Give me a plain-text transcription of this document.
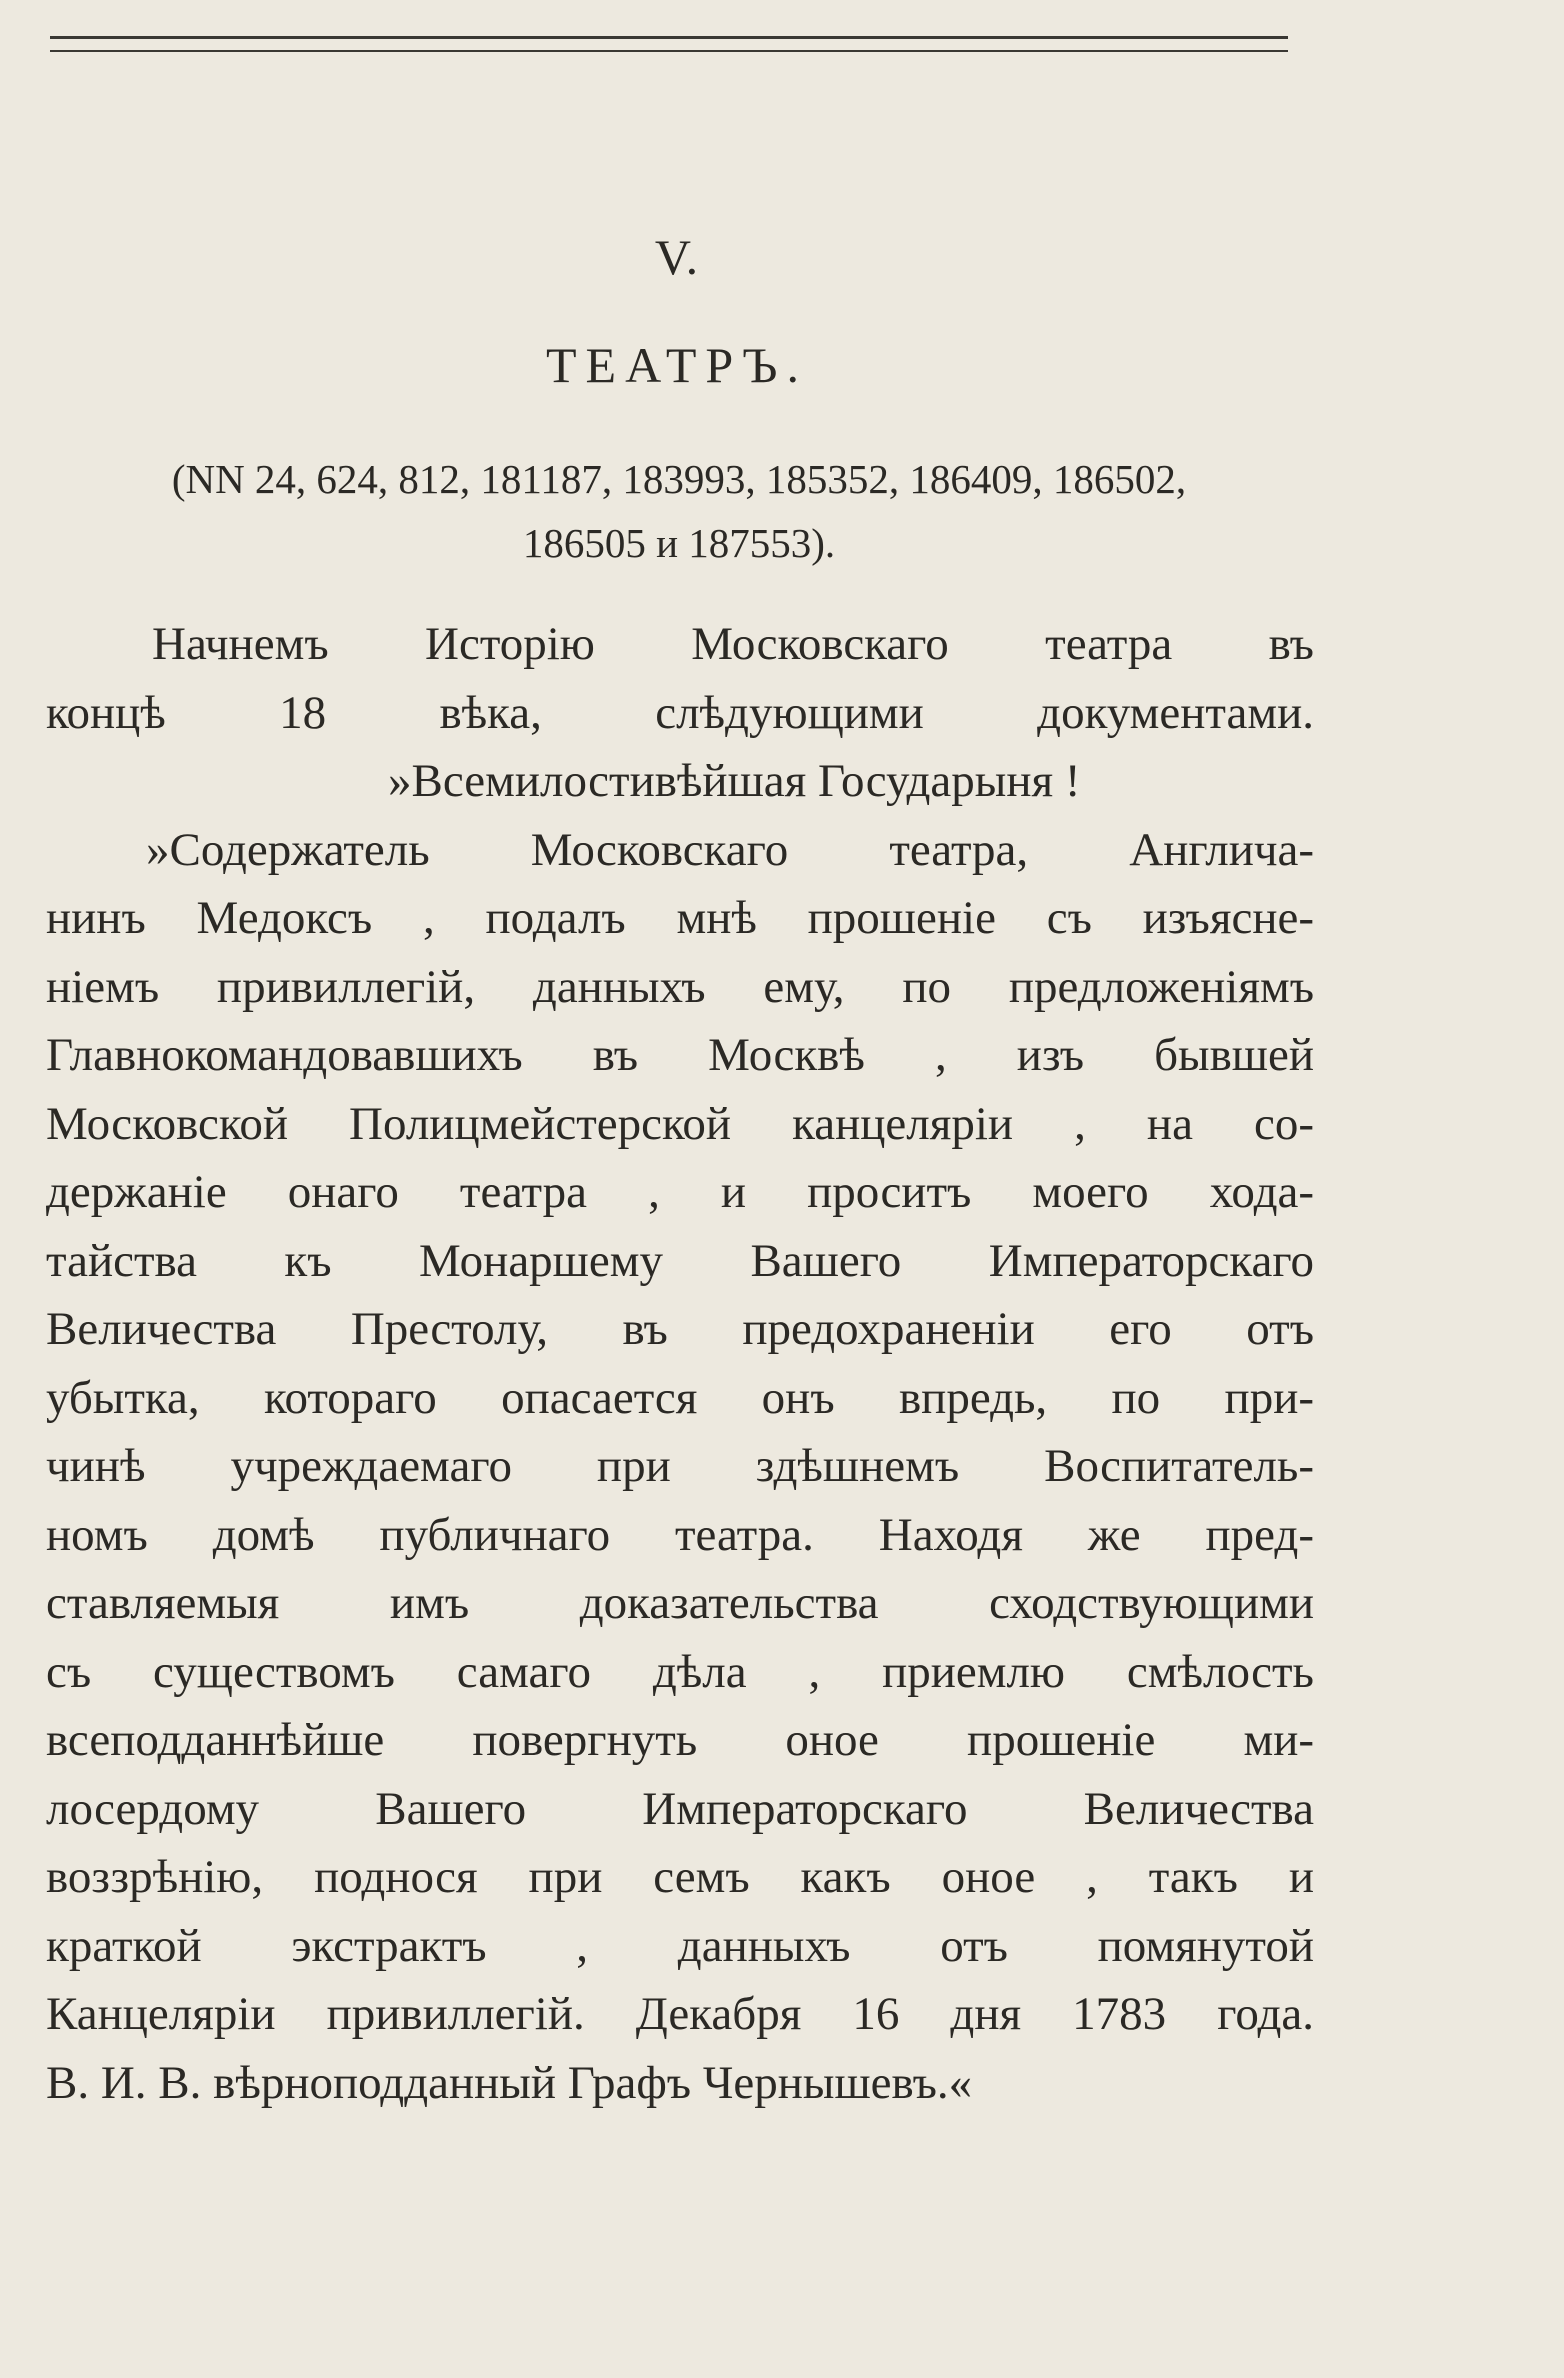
V.
ТЕАТРЪ.
(NN 24, 624, 812, 181187, 183993, 185352, 186409, 186502,
186505 и 187553).
Начнемъ Исторію Московскаго театра въ
концѣ 18 вѣка, слѣдующими документами.
»Всемилостивѣйшая Государыня !
»Содержатель Московскаго театра, Англича-
нинъ Медоксъ , подалъ мнѣ прошеніе съ изъясне-
ніемъ привиллегій, данныхъ ему, по предложеніямъ
Главнокомандовавшихъ въ Москвѣ , изъ бывшей
Московской Полицмейстерской канцеляріи , на со-
держаніе онаго театра , и проситъ моего хода-
тайства къ Монаршему Вашего Императорскаго
Величества Престолу, въ предохраненіи его отъ
убытка, котораго опасается онъ впредь, по при-
чинѣ учреждаемаго при здѣшнемъ Воспитатель-
номъ домѣ публичнаго театра. Находя же пред-
ставляемыя имъ доказательства сходствующими
съ существомъ самаго дѣла , приемлю смѣлость
всеподданнѣйше повергнуть оное прошеніе ми-
лосердому Вашего Императорскаго Величества
воззрѣнію, поднося при семъ какъ оное , такъ и
краткой экстрактъ , данныхъ отъ помянутой
Канцеляріи привиллегій. Декабря 16 дня 1783 года.
В. И. В. вѣрноподданный Графъ Чернышевъ.«
